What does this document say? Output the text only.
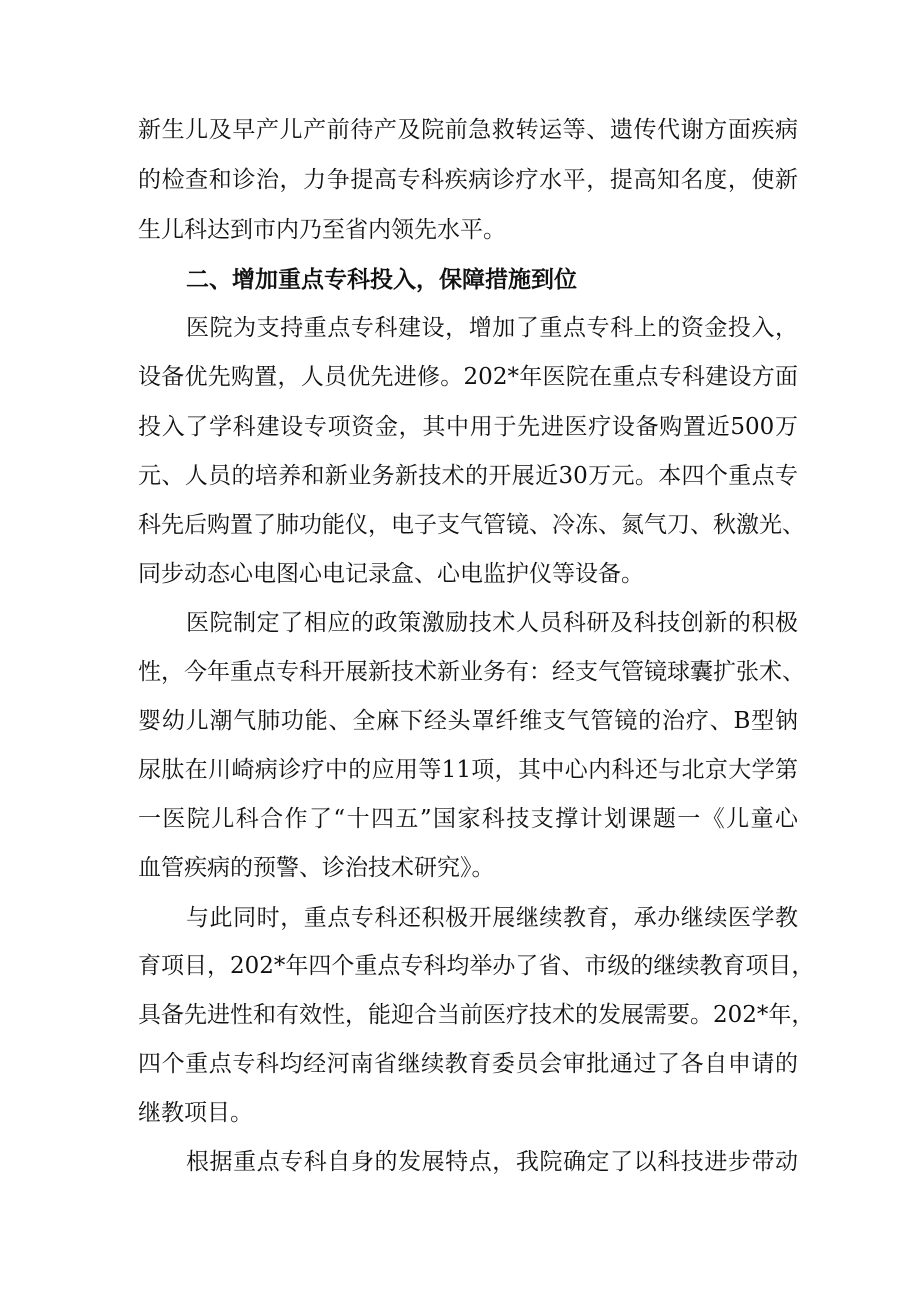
新生儿及早产儿产前待产及院前急救转运等、遗传代谢方面疾病
的检查和诊治，力争提高专科疾病诊疗水平，提高知名度，使新
生儿科达到市内乃至省内领先水平。
二、增加重点专科投入，保障措施到位
医院为支持重点专科建设，增加了重点专科上的资金投入，
设备优先购置，人员优先进修。202*年医院在重点专科建设方面
投入了学科建设专项资金，其中用于先进医疗设备购置近500万
元、人员的培养和新业务新技术的开展近30万元。本四个重点专
科先后购置了肺功能仪，电子支气管镜、冷冻、氮气刀、秋激光、
同步动态心电图心电记录盒、心电监护仪等设备。
医院制定了相应的政策激励技术人员科研及科技创新的积极
性，今年重点专科开展新技术新业务有：经支气管镜球囊扩张术、
婴幼儿潮气肺功能、全麻下经头罩纤维支气管镜的治疗、B型钠
尿肽在川崎病诊疗中的应用等11项，其中心内科还与北京大学第
一医院儿科合作了“十四五”国家科技支撑计划课题一《儿童心
血管疾病的预警、诊治技术研究》。
与此同时，重点专科还积极开展继续教育，承办继续医学教
育项目，202*年四个重点专科均举办了省、市级的继续教育项目，
具备先进性和有效性，能迎合当前医疗技术的发展需要。202*年，
四个重点专科均经河南省继续教育委员会审批通过了各自申请的
继教项目。
根据重点专科自身的发展特点，我院确定了以科技进步带动
